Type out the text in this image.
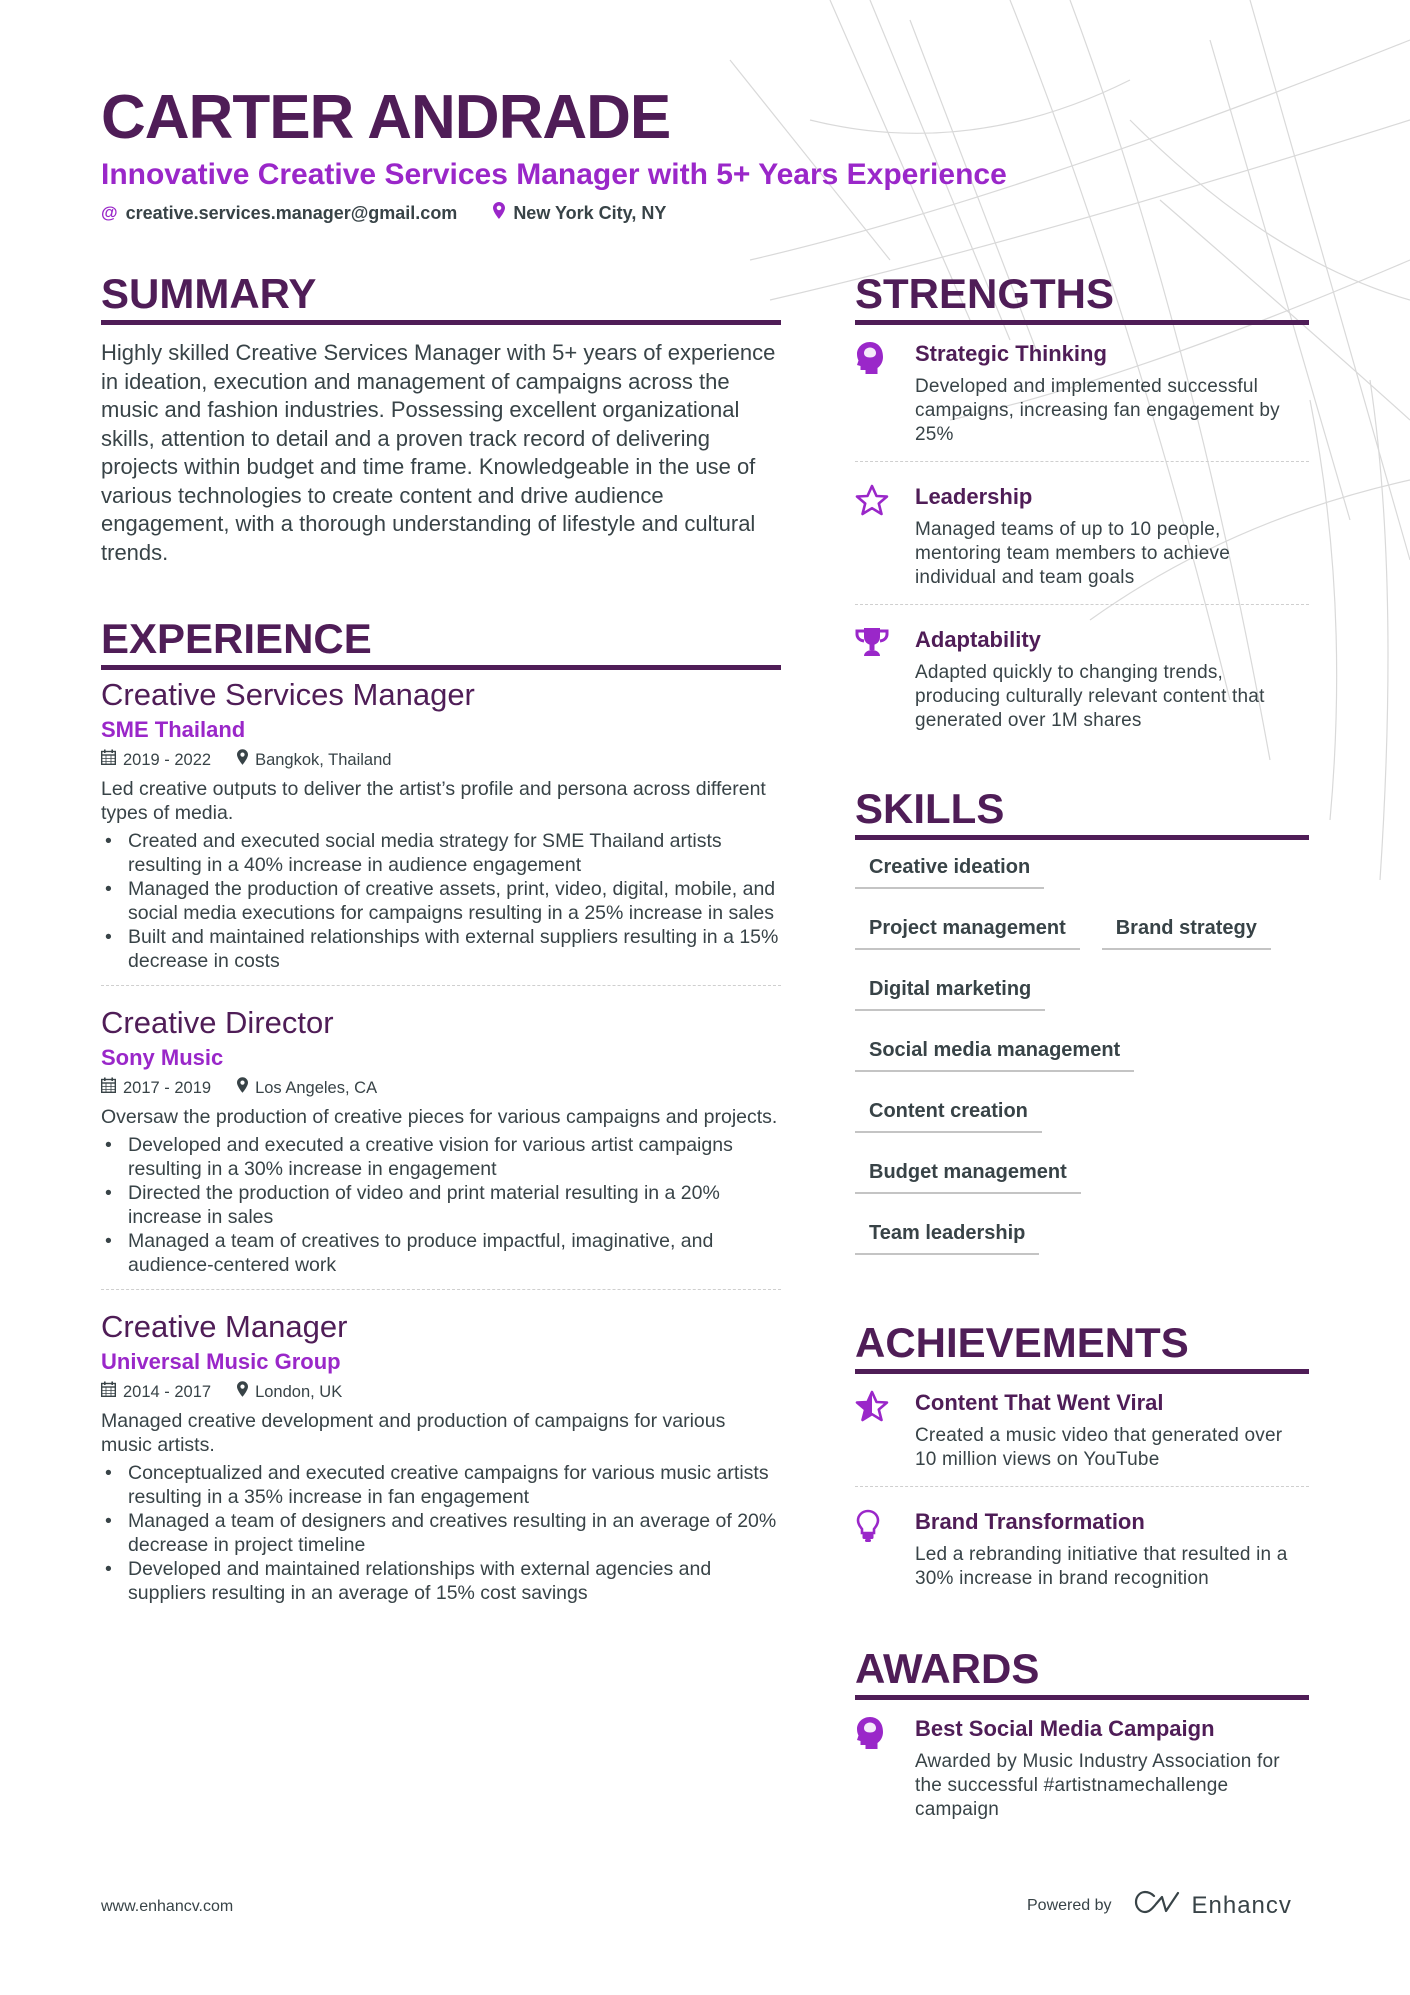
CARTER ANDRADE
Innovative Creative Services Manager with 5+ Years Experience
@ creative.services.manager@gmail.com	New York City, NY
SUMMARY

Highly skilled Creative Services Manager with 5+ years of experience in ideation, execution and management of campaigns across the music and fashion industries. Possessing excellent organizational skills, attention to detail and a proven track record of delivering projects within budget and time frame. Knowledgeable in the use of various technologies to create content and drive audience engagement, with a thorough understanding of lifestyle and cultural trends.

EXPERIENCE
Creative Services Manager
SME Thailand
2019 - 2022	Bangkok, Thailand
Led creative outputs to deliver the artist’s profile and persona across different types of media.
• Created and executed social media strategy for SME Thailand artists resulting in a 40% increase in audience engagement
• Managed the production of creative assets, print, video, digital, mobile, and social media executions for campaigns resulting in a 25% increase in sales
• Built and maintained relationships with external suppliers resulting in a 15% decrease in costs
Creative Director
Sony Music
2017 - 2019	Los Angeles, CA
Oversaw the production of creative pieces for various campaigns and projects.
• Developed and executed a creative vision for various artist campaigns resulting in a 30% increase in engagement
• Directed the production of video and print material resulting in a 20% increase in sales
• Managed a team of creatives to produce impactful, imaginative, and audience-centered work
Creative Manager
Universal Music Group
2014 - 2017	London, UK
Managed creative development and production of campaigns for various music artists.
• Conceptualized and executed creative campaigns for various music artists resulting in a 35% increase in fan engagement
• Managed a team of designers and creatives resulting in an average of 20% decrease in project timeline
• Developed and maintained relationships with external agencies and suppliers resulting in an average of 15% cost savings
STRENGTHS
Strategic Thinking
Developed and implemented successful campaigns, increasing fan engagement by 25%
Leadership
Managed teams of up to 10 people, mentoring team members to achieve individual and team goals
Adaptability
Adapted quickly to changing trends, producing culturally relevant content that generated over 1M shares
SKILLS
Creative ideation
Project management	Brand strategy
Digital marketing
Social media management
Content creation
Budget management
Team leadership
ACHIEVEMENTS
Content That Went Viral
Created a music video that generated over 10 million views on YouTube
Brand Transformation
Led a rebranding initiative that resulted in a 30% increase in brand recognition
AWARDS
Best Social Media Campaign
Awarded by Music Industry Association for the successful #artistnamechallenge campaign
www.enhancv.com	Powered by	Enhancv
